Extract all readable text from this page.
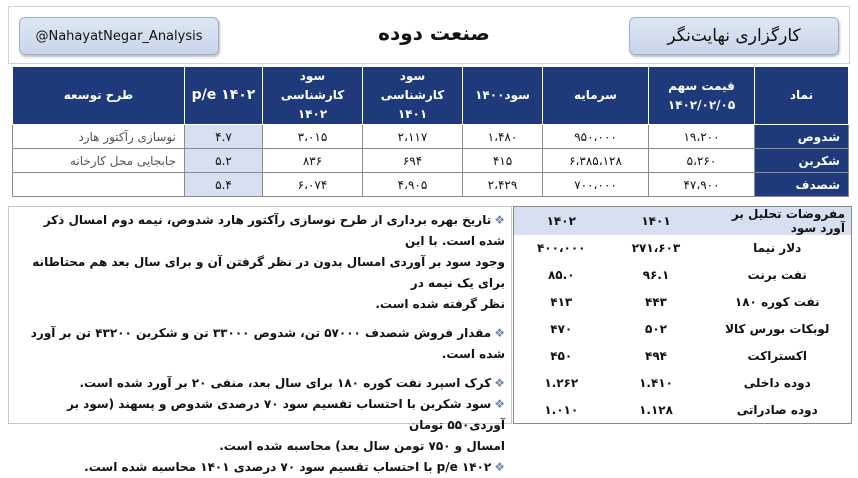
کارگزاری نهایت‌نگر
صنعت دوده
@NahayatNegar_Analysis
نماد	قیمت سهم ۱۴۰۲/۰۲/۰۵	سرمایه	سود۱۴۰۰	سود کارشناسی ۱۴۰۱	سود کارشناسی ۱۴۰۲	p/e ۱۴۰۲	طرح توسعه
شدوص	۱۹،۲۰۰	۹۵۰،۰۰۰	۱،۴۸۰	۲،۱۱۷	۳،۰۱۵	۴.۷	نوسازی رآکتور هارد
شکربن	۵،۲۶۰	۶،۳۸۵،۱۲۸	۴۱۵	۶۹۴	۸۳۶	۵.۲	جابجایی محل کارخانه
شصدف	۴۷،۹۰۰	۷۰۰،۰۰۰	۲،۴۲۹	۴،۹۰۵	۶،۰۷۴	۵.۴	
❖تاریخ بهره برداری از طرح نوسازی رآکتور هارد شدوص، نیمه دوم امسال ذکر شده است. با این
وجود سود بر آوردی امسال بدون در نظر گرفتن آن و برای سال بعد هم محتاطانه برای یک نیمه در
نظر گرفته شده است.
❖مقدار فروش شصدف ۵۷۰۰۰ تن، شدوص ۳۳۰۰۰ تن و شکربن ۴۳۲۰۰ تن بر آورد شده است.
❖کرک اسپرد نفت کوره ۱۸۰ برای سال بعد، منفی ۲۰ بر آورد شده است.
❖سود شکربن با احتساب تقسیم سود ۷۰ درصدی شدوص و پسهند (سود بر آوردی۵۵۰ تومان
امسال و ۷۵۰ تومن سال بعد) محاسبه شده است.
❖p/e ۱۴۰۲ با احتساب تقسیم سود ۷۰ درصدی ۱۴۰۱ محاسبه شده است.
مفروضات تحلیل بر آورد سود	۱۴۰۱	۱۴۰۲
دلار نیما	۲۷۱،۶۰۳	۴۰۰،۰۰۰
نفت برنت	۹۶.۱	۸۵.۰
نفت کوره ۱۸۰	۴۴۳	۴۱۳
لوبکات بورس کالا	۵۰۲	۴۷۰
اکستراکت	۴۹۴	۴۵۰
دوده داخلی	۱.۴۱۰	۱.۲۶۲
دوده صادراتی	۱.۱۲۸	۱.۰۱۰
